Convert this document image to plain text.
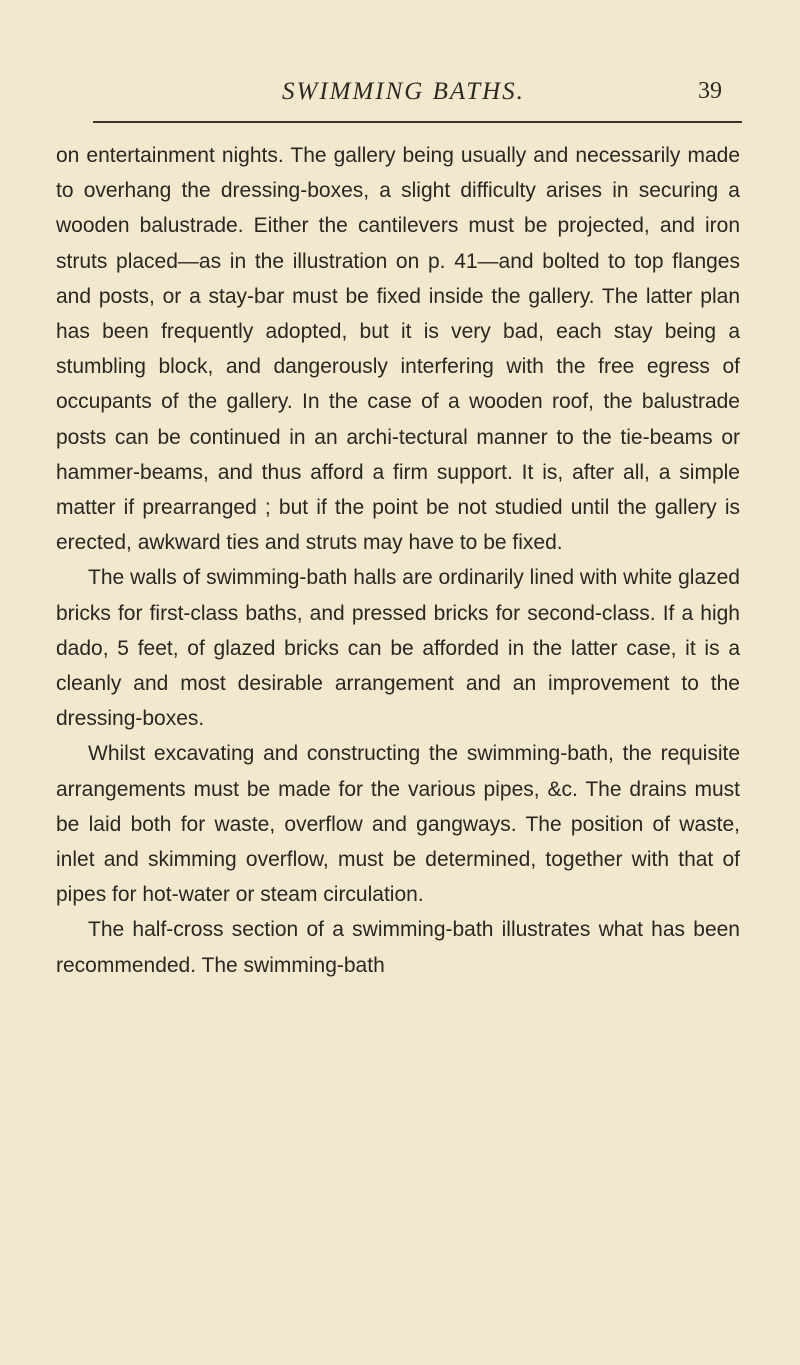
SWIMMING BATHS.	39

on entertainment nights. The gallery being usually and necessarily made to overhang the dressing-boxes, a slight difficulty arises in securing a wooden balustrade. Either the cantilevers must be projected, and iron struts placed—as in the illustration on p. 41—and bolted to top flanges and posts, or a stay-bar must be fixed inside the gallery. The latter plan has been frequently adopted, but it is very bad, each stay being a stumbling block, and dangerously interfering with the free egress of occupants of the gallery. In the case of a wooden roof, the balustrade posts can be continued in an archi-tectural manner to the tie-beams or hammer-beams, and thus afford a firm support. It is, after all, a simple matter if prearranged ; but if the point be not studied until the gallery is erected, awkward ties and struts may have to be fixed.

The walls of swimming-bath halls are ordinarily lined with white glazed bricks for first-class baths, and pressed bricks for second-class. If a high dado, 5 feet, of glazed bricks can be afforded in the latter case, it is a cleanly and most desirable arrangement and an improvement to the dressing-boxes.

Whilst excavating and constructing the swimming-bath, the requisite arrangements must be made for the various pipes, &c. The drains must be laid both for waste, overflow and gangways. The position of waste, inlet and skimming overflow, must be determined, together with that of pipes for hot-water or steam circulation.

The half-cross section of a swimming-bath illustrates what has been recommended. The swimming-bath
